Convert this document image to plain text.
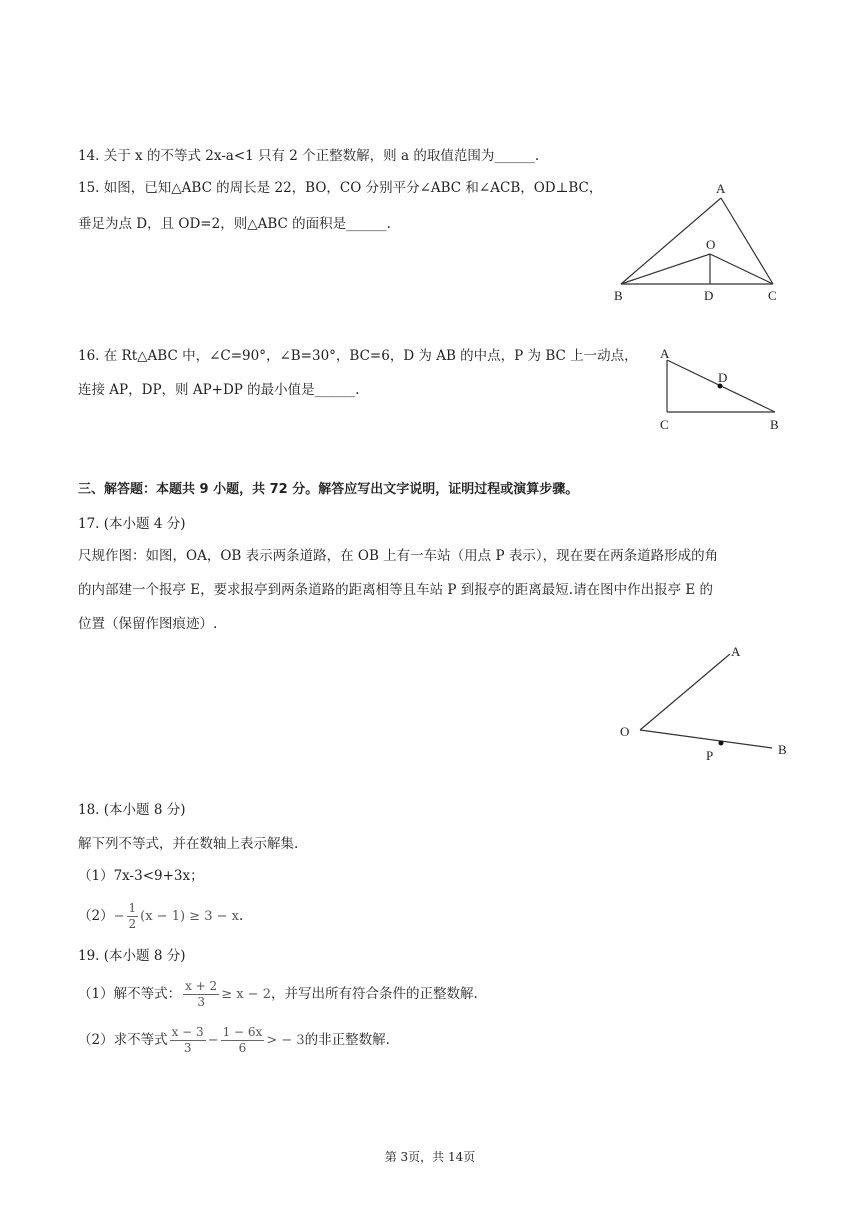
14. 关于 x 的不等式 2x-a<1 只有 2 个正整数解，则 a 的取值范围为______.
15. 如图，已知△ABC 的周长是 22，BO，CO 分别平分∠ABC 和∠ACB，OD⊥BC，
垂足为点 D，且 OD=2，则△ABC 的面积是______.
A
O
B	D	C
16. 在 Rt△ABC 中，∠C=90°，∠B=30°，BC=6，D 为 AB 的中点，P 为 BC 上一动点，
连接 AP，DP，则 AP+DP 的最小值是______.
A
D
C	B
三、解答题：本题共 9 小题，共 72 分。解答应写出文字说明，证明过程或演算步骤。
17. (本小题 4 分)
尺规作图：如图，OA，OB 表示两条道路，在 OB 上有一车站（用点 P 表示），现在要在两条道路形成的角
的内部建一个报亭 E，要求报亭到两条道路的距离相等且车站 P 到报亭的距离最短.请在图中作出报亭 E 的
位置（保留作图痕迹）.
A
O
P	B
18. (本小题 8 分)
解下列不等式，并在数轴上表示解集.
（1）7x-3<9+3x；
$(2)- \frac{1}{2} (x - 1) \ge 3 - x$.
19. (本小题 8 分)
（1）解不等式： $\frac{x + 2}{3} \ge x - 2$，并写出所有符合条件的正整数解.
（2）求不等式 $\frac{x - 3}{3} - \frac{1 - 6x}{6}$ > − 3的非正整数解.
第 3页，共 14页
